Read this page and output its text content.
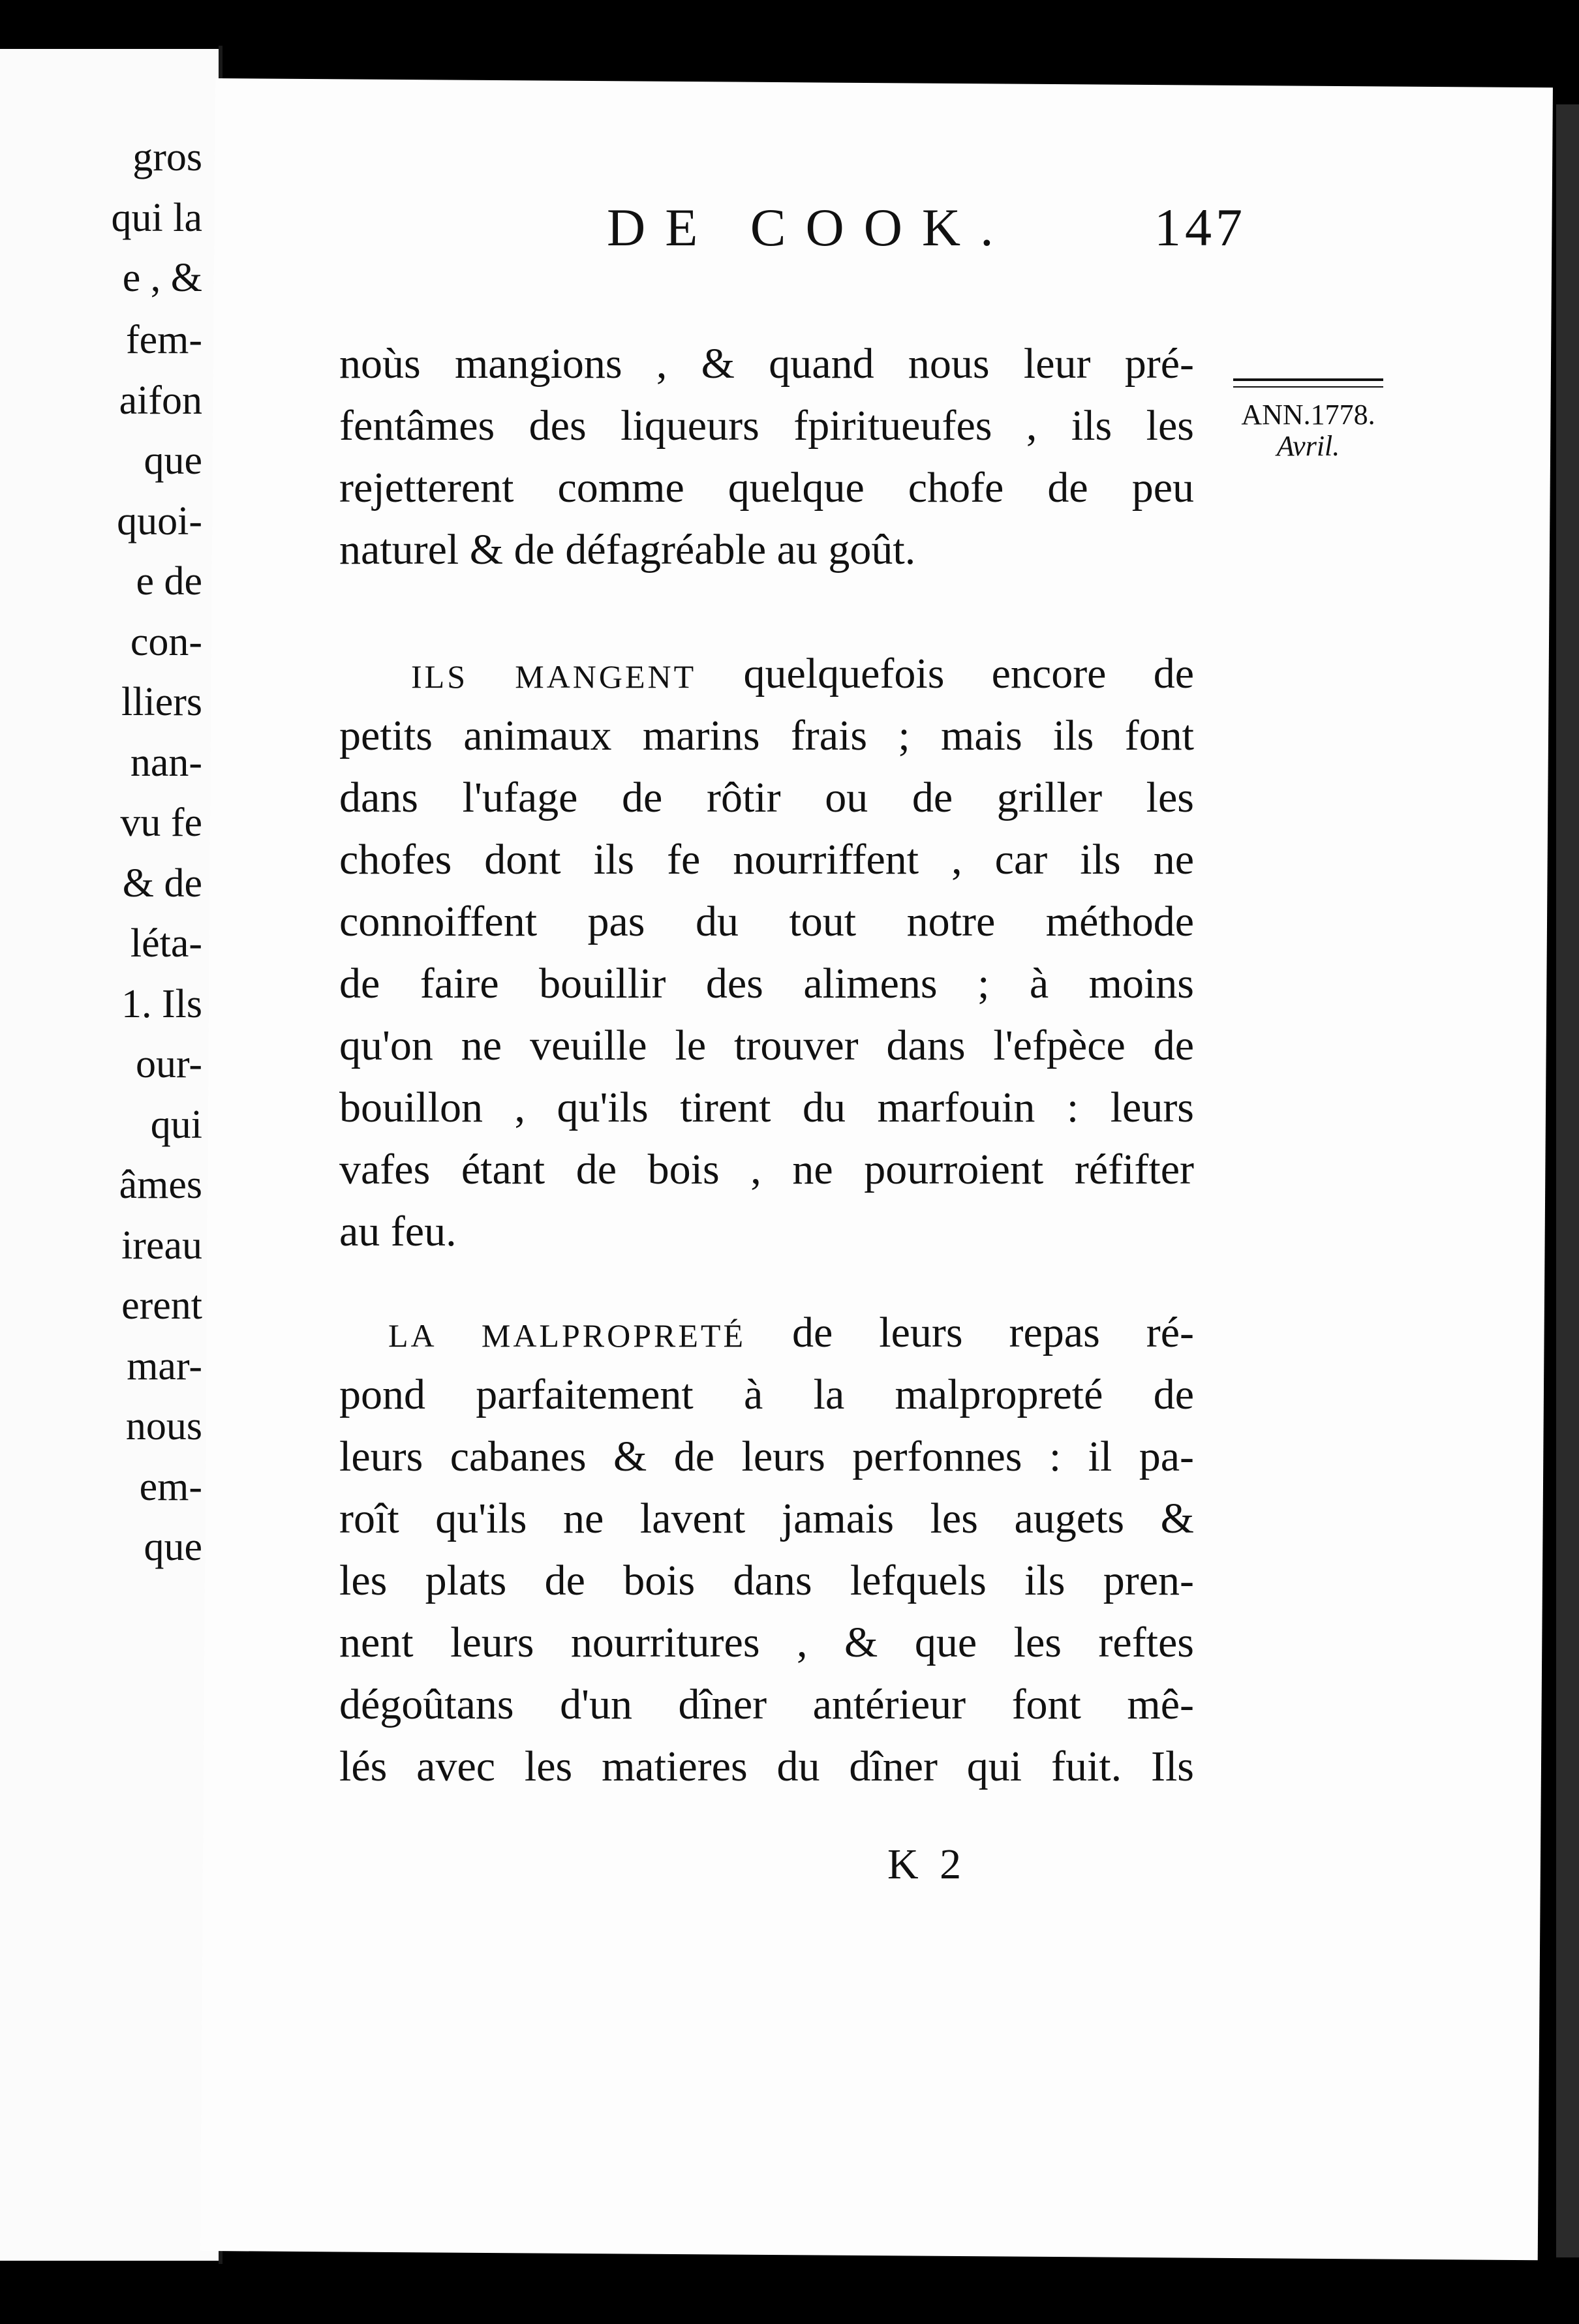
gros
qui la
e , &
fem-
aifon
que
quoi-
e de
con-
lliers
nan-
vu fe
& de
léta-
1. Ils
our-
qui
âmes
ireau
erent
mar-
nous
em-
que
DE COOK.	147
ANN.1778.
Avril.
noùs mangions , & quand nous leur pré-
fentâmes des liqueurs fpiritueufes , ils les
rejetterent comme quelque chofe de peu
naturel & de défagréable au goût.
ILS MANGENT quelquefois encore de
petits animaux marins frais ; mais ils font
dans l'ufage de rôtir ou de griller les
chofes dont ils fe nourriffent , car ils ne
connoiffent pas du tout notre méthode
de faire bouillir des alimens ; à moins
qu'on ne veuille le trouver dans l'efpèce de
bouillon , qu'ils tirent du marfouin : leurs
vafes étant de bois , ne pourroient réfifter
au feu.
LA MALPROPRETÉ de leurs repas ré-
pond parfaitement à la malpropreté de
leurs cabanes & de leurs perfonnes : il pa-
roît qu'ils ne lavent jamais les augets &
les plats de bois dans lefquels ils pren-
nent leurs nourritures , & que les reftes
dégoûtans d'un dîner antérieur font mê-
lés avec les matieres du dîner qui fuit. Ils
K 2
